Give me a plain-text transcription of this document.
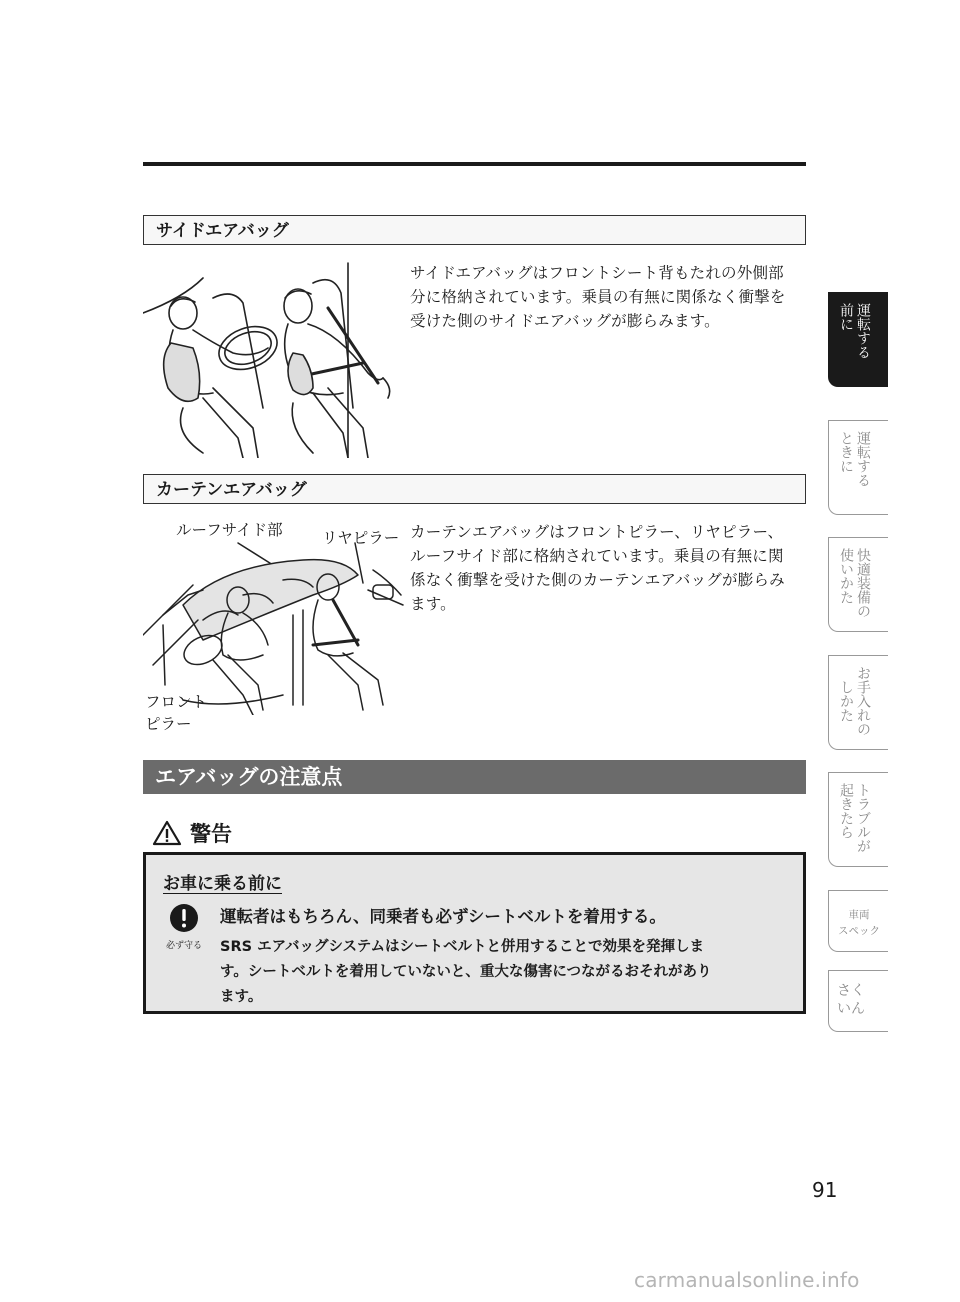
サイドエアバッグ
サイドエアバッグはフロントシート背もたれの外側部
分に格納されています。乗員の有無に関係なく衝撃を
受けた側のサイドエアバッグが膨らみます。
カーテンエアバッグ
ルーフサイド部	リヤピラー
フロント
ピラー
カーテンエアバッグはフロントピラー、リヤピラー、
ルーフサイド部に格納されています。乗員の有無に関
係なく衝撃を受けた側のカーテンエアバッグが膨らみ
ます。
エアバッグの注意点
警告
お車に乗る前に
必ず守る
運転者はもちろん、同乗者も必ずシートベルトを着用する。
SRS エアバッグシステムはシートベルトと併用することで効果を発揮しま
す。シートベルトを着用していないと、重大な傷害につながるおそれがあり
ます。
運転する
前に
運転する
ときに
快適装備の
使いかた
お手入れの
しかた
トラブルが
起きたら
車両
スペック
さく
いん
91
carmanualsonline.info
